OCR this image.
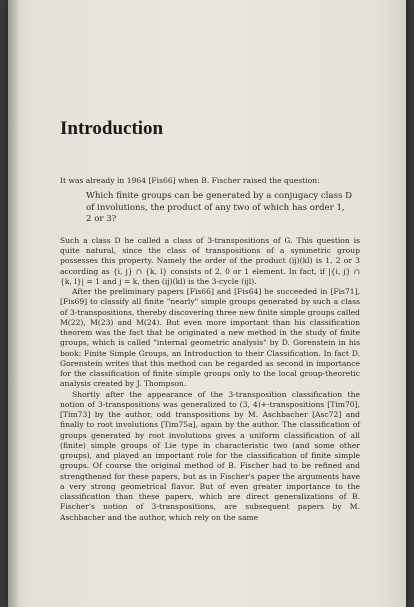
Introduction

It was already in 1964 [Fis66] when B. Fischer raised the question:

Which finite groups can be generated by a conjugacy class D of involutions, the product of any two of which has order 1, 2 or 3?

Such a class D he called a class of 3-transpositions of G. This question is quite natural, since the class of transpositions of a symmetric group possesses this property. Namely the order of the product (ij)(kl) is 1, 2 or 3 according as {i, j} ∩ {k, l} consists of 2, 0 or 1 element. In fact, if |{i, j} ∩ {k, l}| = 1 and j = k, then (ij)(kl) is the 3-cycle (ijl).

After the preliminary papers [Fis66] and [Fis64] he succeeded in [Fis71], [Fis69] to classify all finite "nearly" simple groups generated by such a class of 3-transpositions, thereby discovering three new finite simple groups called M(22), M(23) and M(24). But even more important than his classification theorem was the fact that he originated a new method in the study of finite groups, which is called "internal geometric analysis" by D. Gorenstein in his book: Finite Simple Groups, an Introduction to their Classification. In fact D. Gorenstein writes that this method can be regarded as second in importance for the classification of finite simple groups only to the local group-theoretic analysis created by J. Thompson.

Shortly after the appearance of the 3-transposition classification the notion of 3-transpositions was generalized to (3, 4)+-transpositions [Tim70], [Tim73] by the author, odd transpositions by M. Aschbacher [Asc72] and finally to root involutions [Tim75a], again by the author. The classification of groups generated by root involutions gives a uniform classification of all (finite) simple groups of Lie type in characteristic two (and some other groups), and played an important role for the classification of finite simple groups. Of course the original method of B. Fischer had to be refined and strengthened for these papers, but as in Fischer's paper the arguments have a very strong geometrical flavor. But of even greater importance to the classification than these papers, which are direct generalizations of B. Fischer's notion of 3-transpositions, are subsequent papers by M. Aschbacher and the author, which rely on the same
